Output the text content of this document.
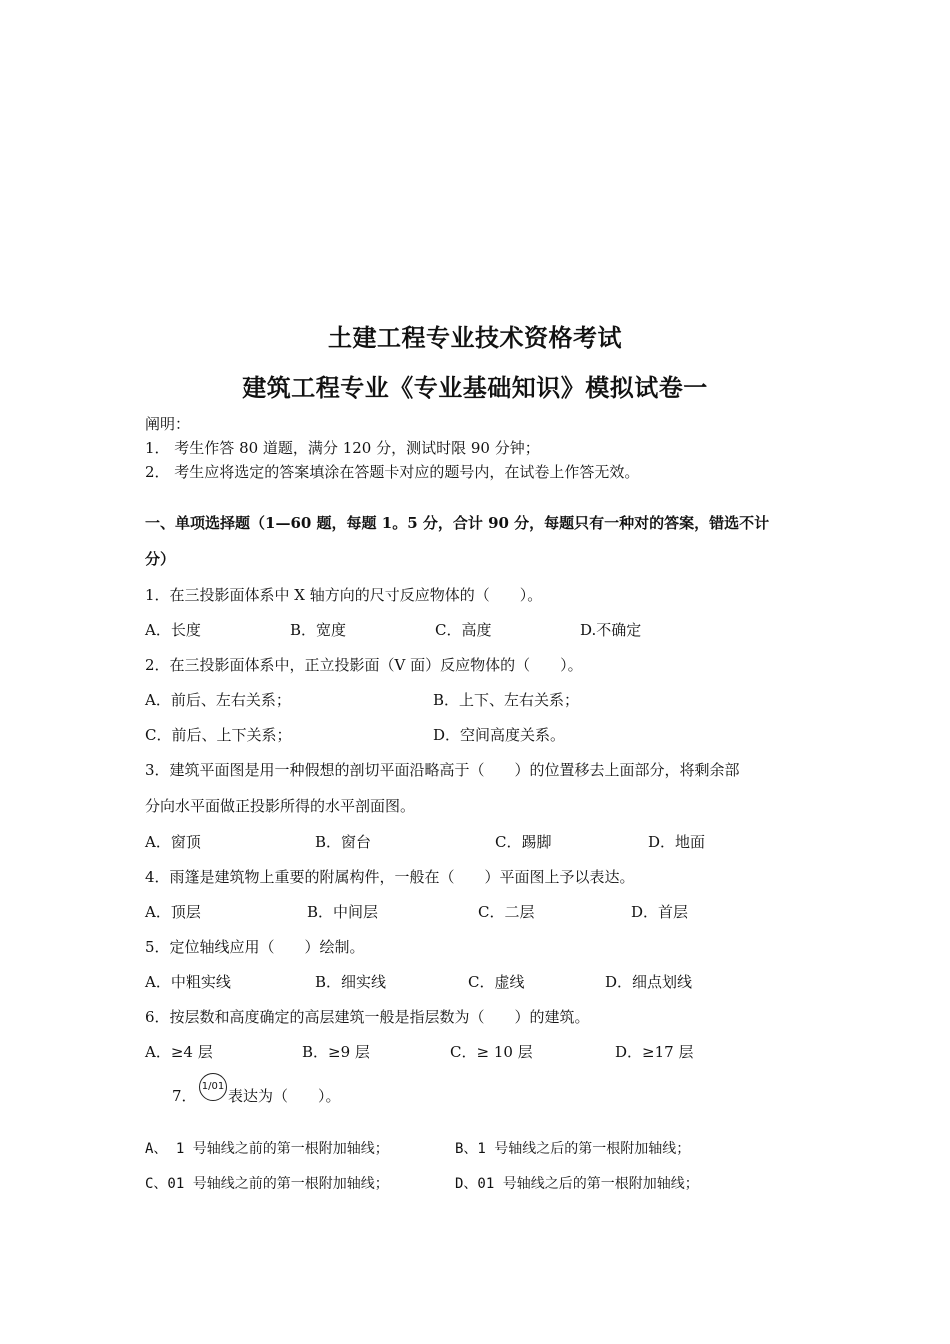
土建工程专业技术资格考试
建筑工程专业《专业基础知识》模拟试卷一
阐明：
1． 考生作答 80 道题，满分 120 分，测试时限 90 分钟；
2． 考生应将选定的答案填涂在答题卡对应的题号内，在试卷上作答无效。
一、单项选择题（1—60 题，每题 1。5 分，合计 90 分，每题只有一种对的答案，错选不计
分）
1．在三投影面体系中 X 轴方向的尺寸反应物体的（　　）。
A．长度	B．宽度	C．高度	D.不确定
2．在三投影面体系中，正立投影面（V 面）反应物体的（　　）。
A．前后、左右关系；	B．上下、左右关系；
C．前后、上下关系；	D．空间高度关系。
3．建筑平面图是用一种假想的剖切平面沿略高于（　　）的位置移去上面部分，将剩余部
分向水平面做正投影所得的水平剖面图。
A．窗顶	B．窗台	C．踢脚	D．地面
4．雨篷是建筑物上重要的附属构件，一般在（　　）平面图上予以表达。
A．顶层	B．中间层	C．二层	D．首层
5．定位轴线应用（　　）绘制。
A．中粗实线	B．细实线	C．虚线	D．细点划线
6．按层数和高度确定的高层建筑一般是指层数为（　　）的建筑。
A．≥4 层	B．≥9 层	C．≥ 10 层	D．≥17 层
7．
1/01
表达为（　　）。
A、 1 号轴线之前的第一根附加轴线；	B、1 号轴线之后的第一根附加轴线；
C、01 号轴线之前的第一根附加轴线；	D、01 号轴线之后的第一根附加轴线；
